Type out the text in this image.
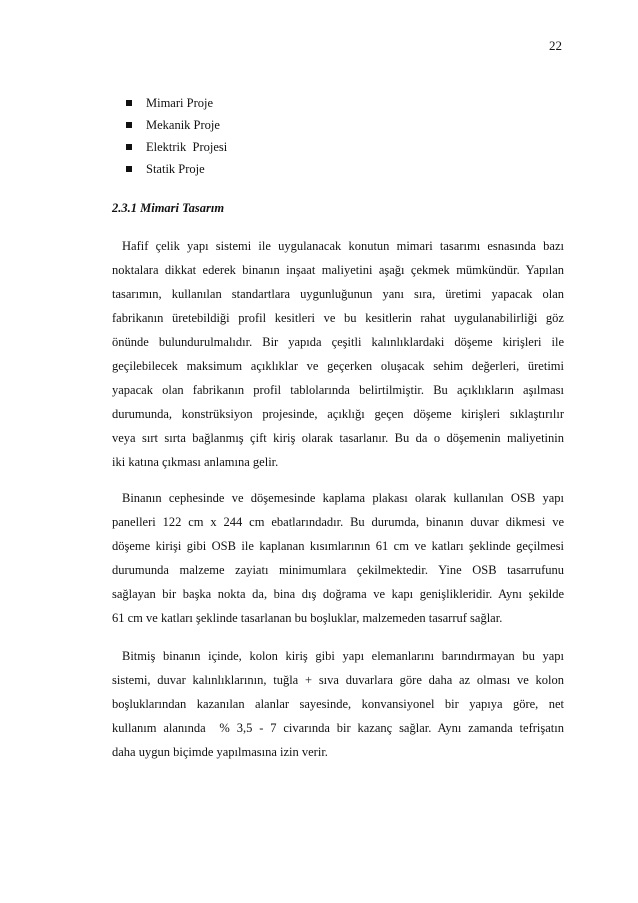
22
Mimari Proje
Mekanik Proje
Elektrik  Projesi
Statik Proje
2.3.1 Mimari Tasarım
Hafif çelik yapı sistemi ile uygulanacak konutun mimari tasarımı esnasında bazı
noktalara dikkat ederek binanın inşaat maliyetini aşağı çekmek mümkündür. Yapılan
tasarımın, kullanılan standartlara uygunluğunun yanı sıra, üretimi yapacak olan
fabrikanın üretebildiği profil kesitleri ve bu kesitlerin rahat uygulanabilirliği göz
önünde bulundurulmalıdır. Bir yapıda çeşitli kalınlıklardaki döşeme kirişleri ile
geçilebilecek maksimum açıklıklar ve geçerken oluşacak sehim değerleri, üretimi
yapacak olan fabrikanın profil tablolarında belirtilmiştir. Bu açıklıkların aşılması
durumunda, konstrüksiyon projesinde, açıklığı geçen döşeme kirişleri sıklaştırılır
veya sırt sırta bağlanmış çift kiriş olarak tasarlanır. Bu da o döşemenin maliyetinin
iki katına çıkması anlamına gelir.
Binanın cephesinde ve döşemesinde kaplama plakası olarak kullanılan OSB yapı
panelleri 122 cm x 244 cm ebatlarındadır. Bu durumda, binanın duvar dikmesi ve
döşeme kirişi gibi OSB ile kaplanan kısımlarının 61 cm ve katları şeklinde geçilmesi
durumunda malzeme zayiatı minimumlara çekilmektedir. Yine OSB tasarrufunu
sağlayan bir başka nokta da, bina dış doğrama ve kapı genişlikleridir. Aynı şekilde
61 cm ve katları şeklinde tasarlanan bu boşluklar, malzemeden tasarruf sağlar.
Bitmiş binanın içinde, kolon kiriş gibi yapı elemanlarını barındırmayan bu yapı
sistemi, duvar kalınlıklarının, tuğla + sıva duvarlara göre daha az olması ve kolon
boşluklarından kazanılan alanlar sayesinde, konvansiyonel bir yapıya göre, net
kullanım alanında  % 3,5 - 7 civarında bir kazanç sağlar. Aynı zamanda tefrişatın
daha uygun biçimde yapılmasına izin verir.
